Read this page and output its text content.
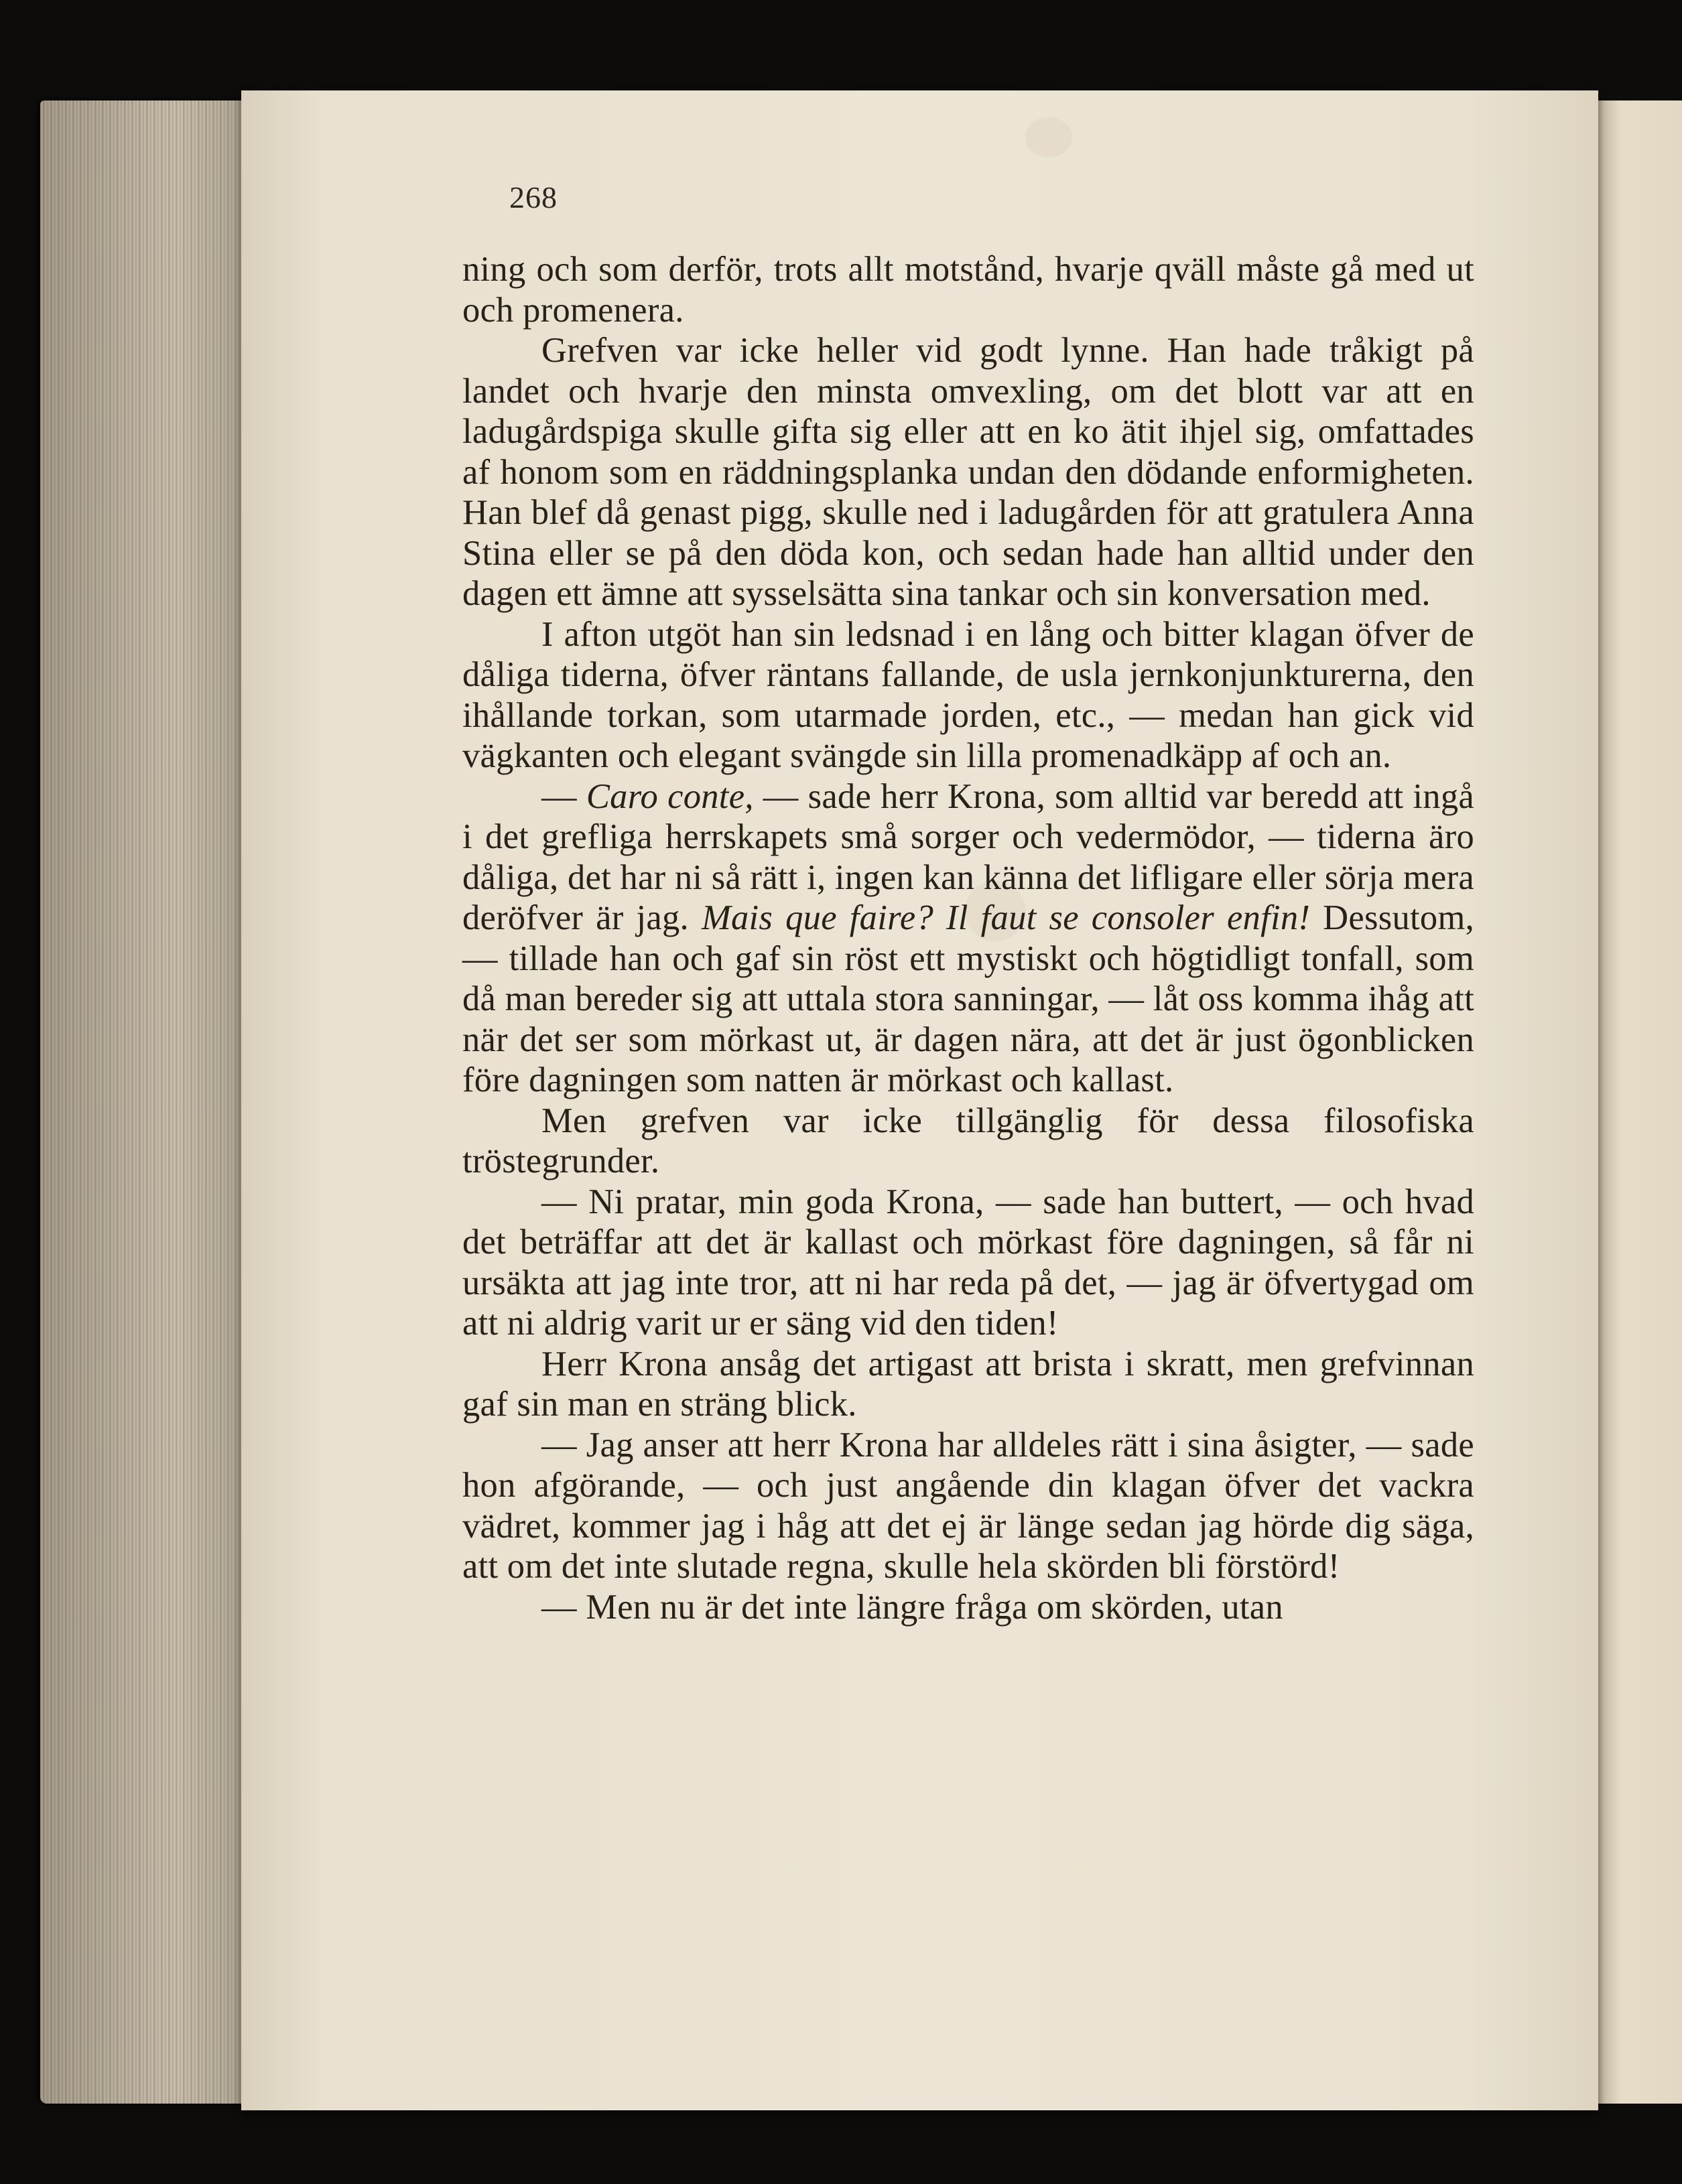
268

ning och som derför, trots allt motstånd, hvarje qväll måste gå med ut och promenera.

Grefven var icke heller vid godt lynne. Han hade tråkigt på landet och hvarje den minsta omvexling, om det blott var att en ladugårdspiga skulle gifta sig eller att en ko ätit ihjel sig, omfattades af honom som en räddningsplanka undan den dödande enformigheten. Han blef då genast pigg, skulle ned i ladugården för att gratulera Anna Stina eller se på den döda kon, och sedan hade han alltid under den dagen ett ämne att sysselsätta sina tankar och sin konversation med.

I afton utgöt han sin ledsnad i en lång och bitter klagan öfver de dåliga tiderna, öfver räntans fallande, de usla jernkonjunkturerna, den ihållande torkan, som utarmade jorden, etc., — medan han gick vid vägkanten och elegant svängde sin lilla promenadkäpp af och an.

— Caro conte, — sade herr Krona, som alltid var beredd att ingå i det grefliga herrskapets små sorger och vedermödor, — tiderna äro dåliga, det har ni så rätt i, ingen kan känna det lifligare eller sörja mera deröfver är jag. Mais que faire? Il faut se consoler enfin! Dessutom, — tillade han och gaf sin röst ett mystiskt och högtidligt tonfall, som då man bereder sig att uttala stora sanningar, — låt oss komma ihåg att när det ser som mörkast ut, är dagen nära, att det är just ögonblicken före dagningen som natten är mörkast och kallast.

Men grefven var icke tillgänglig för dessa filosofiska tröstegrunder.

— Ni pratar, min goda Krona, — sade han buttert, — och hvad det beträffar att det är kallast och mörkast före dagningen, så får ni ursäkta att jag inte tror, att ni har reda på det, — jag är öfvertygad om att ni aldrig varit ur er säng vid den tiden!

Herr Krona ansåg det artigast att brista i skratt, men grefvinnan gaf sin man en sträng blick.

— Jag anser att herr Krona har alldeles rätt i sina åsigter, — sade hon afgörande, — och just angående din klagan öfver det vackra vädret, kommer jag i håg att det ej är länge sedan jag hörde dig säga, att om det inte slutade regna, skulle hela skörden bli förstörd!

— Men nu är det inte längre fråga om skörden, utan
